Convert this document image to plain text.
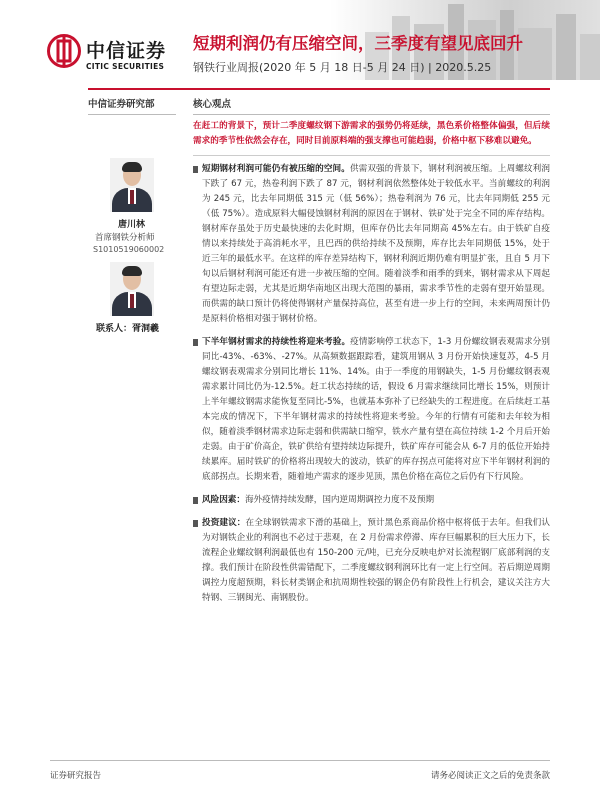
中信证券
CITIC SECURITIES
短期利润仍有压缩空间，三季度有望见底回升
钢铁行业周报(2020 年 5 月 18 日-5 月 24 日) | 2020.5.25
中信证券研究部
唐川林
首席钢铁分析师
S1010519060002
联系人：胥洞羲
核心观点
在赶工的背景下，预计二季度螺纹钢下游需求的强势仍将延续，黑色系价格整体偏强，但后续需求的季节性依然会存在，同时目前原料端的强支撑也可能趋弱，价格中枢下移难以避免。
短期钢材利润可能仍有被压缩的空间。供需双强的背景下，钢材利润被压缩。上周螺纹利润下跌了 67 元，热卷利润下跌了 87 元，钢材利润依然整体处于较低水平。当前螺纹的利润为 245 元，比去年同期低 315 元（低 56%）；热卷利润为 76 元，比去年同期低 255 元（低 75%）。造成原料大幅侵蚀钢材利润的原因在于钢材、铁矿处于完全不同的库存结构。钢材库存虽处于历史最快速的去化时期，但库存仍比去年同期高 45%左右。由于铁矿自疫情以来持续处于高消耗水平，且巴西的供给持续不及预期，库存比去年同期低 15%，处于近三年的最低水平。在这样的库存差异结构下，钢材利润近期仍难有明显扩张，且自 5 月下旬以后钢材利润可能还有进一步被压缩的空间。随着淡季和雨季的到来，钢材需求从下周起有望边际走弱，尤其是近期华南地区出现大范围的暴雨，需求季节性的走弱有望开始显现。而供需的缺口预计仍将使得钢材产量保持高位，甚至有进一步上行的空间，未来两周预计仍是原料价格相对强于钢材价格。
下半年钢材需求的持续性将迎来考验。疫情影响停工状态下，1-3 月份螺纹钢表观需求分别同比-43%、-63%、-27%。从高频数据跟踪看，建筑用钢从 3 月份开始快速复苏，4-5 月螺纹钢表观需求分别同比增长 11%、14%。由于一季度的用钢缺失，1-5 月份螺纹钢表观需求累计同比仍为-12.5%。赶工状态持续的话，假设 6 月需求继续同比增长 15%，则预计上半年螺纹钢需求能恢复至同比-5%，也就基本弥补了已经缺失的工程进度。在后续赶工基本完成的情况下，下半年钢材需求的持续性将迎来考验。今年的行情有可能和去年较为相似，随着淡季钢材需求边际走弱和供需缺口缩窄，铁水产量有望在高位持续 1-2 个月后开始走弱。由于矿价高企，铁矿供给有望持续边际提升，铁矿库存可能会从 6-7 月的低位开始持续累库。届时铁矿的价格将出现较大的波动，铁矿的库存拐点可能将对应下半年钢材利润的底部拐点。长期来看，随着地产需求的逐步见顶，黑色价格在高位之后仍有下行风险。
风险因素：海外疫情持续发酵，国内逆周期调控力度不及预期
投资建议：在全球钢铁需求下滑的基础上，预计黑色系商品价格中枢将低于去年。但我们认为对钢铁企业的利润也不必过于悲观，在 2 月份需求停滞、库存巨幅累积的巨大压力下，长流程企业螺纹钢利润最低也有 150-200 元/吨，已充分反映电炉对长流程钢厂底部利润的支撑。我们预计在阶段性供需错配下，二季度螺纹钢利润环比有一定上行空间。若后期逆周期调控力度超预期，料长材类钢企和抗周期性较强的钢企仍有阶段性上行机会，建议关注方大特钢、三钢闽光、南钢股份。
证券研究报告	请务必阅读正文之后的免责条款
